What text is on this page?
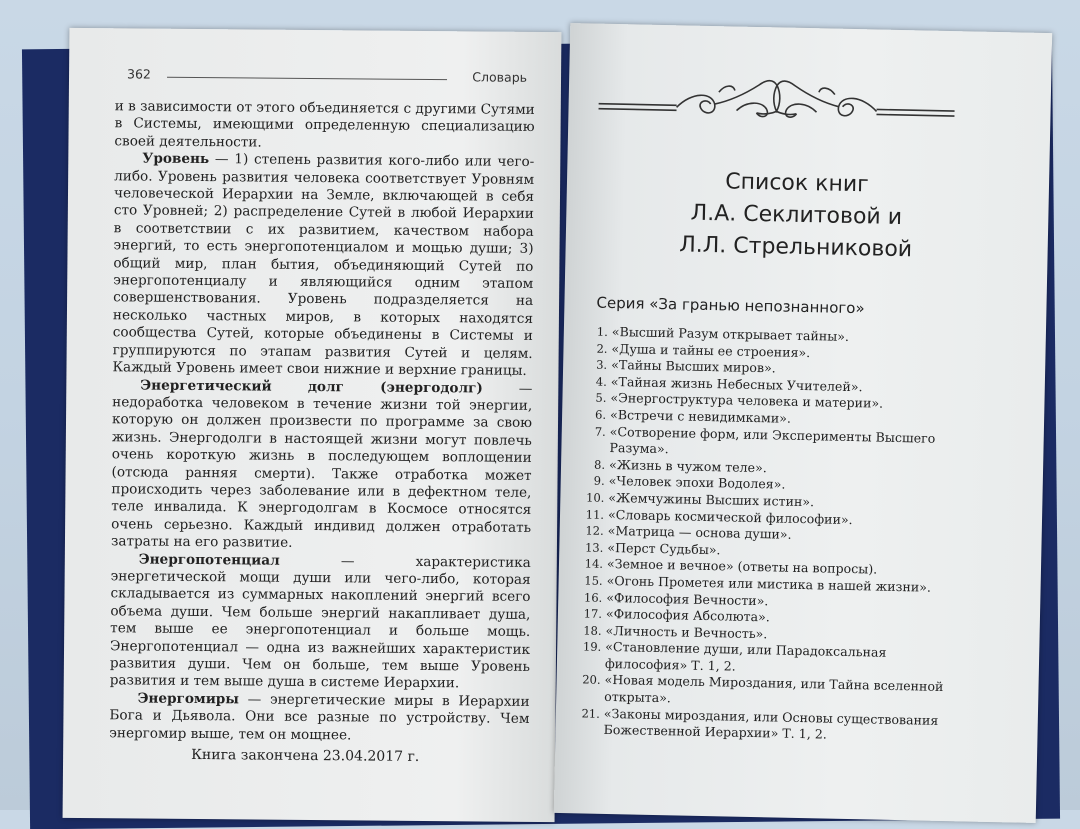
362	Словарь

и в зависимости от этого объединяется с другими Сутями в Системы, имеющими определенную специализацию своей деятельности.

Уровень — 1) степень развития кого-либо или чего-либо. Уровень развития человека соответствует Уровням человеческой Иерархии на Земле, включающей в себя сто Уровней; 2) распределение Сутей в любой Иерархии в соответствии с их развитием, качеством набора энергий, то есть энергопотенциалом и мощью души; 3) общий мир, план бытия, объединяющий Сутей по энергопотенциалу и являющийся одним этапом совершенствования. Уровень подразделяется на несколько частных миров, в которых находятся сообщества Сутей, которые объединены в Системы и группируются по этапам развития Сутей и целям. Каждый Уровень имеет свои нижние и верхние границы.

Энергетический долг (энергодолг) — недоработка человеком в течение жизни той энергии, которую он должен произвести по программе за свою жизнь. Энергодолги в настоящей жизни могут повлечь очень короткую жизнь в последующем воплощении (отсюда ранняя смерти). Также отработка может происходить через заболевание или в дефектном теле, теле инвалида. К энергодолгам в Космосе относятся очень серьезно. Каждый индивид должен отработать затраты на его развитие.

Энергопотенциал — характеристика энергетической мощи души или чего-либо, которая складывается из суммарных накоплений энергий всего объема души. Чем больше энергий накапливает душа, тем выше ее энергопотенциал и больше мощь. Энергопотенциал — одна из важнейших характеристик развития души. Чем он больше, тем выше Уровень развития и тем выше душа в системе Иерархии.

Энергомиры — энергетические миры в Иерархии Бога и Дьявола. Они все разные по устройству. Чем энергомир выше, тем он мощнее.

Книга закончена 23.04.2017 г.
Список книг
Л.А. Секлитовой и
Л.Л. Стрельниковой
Серия «За гранью непознанного»
1. «Высший Разум открывает тайны».
2. «Душа и тайны ее строения».
3. «Тайны Высших миров».
4. «Тайная жизнь Небесных Учителей».
5. «Энергоструктура человека и материи».
6. «Встречи с невидимками».
7. «Сотворение форм, или Эксперименты Высшего Разума».
8. «Жизнь в чужом теле».
9. «Человек эпохи Водолея».
10. «Жемчужины Высших истин».
11. «Словарь космической философии».
12. «Матрица — основа души».
13. «Перст Судьбы».
14. «Земное и вечное» (ответы на вопросы).
15. «Огонь Прометея или мистика в нашей жизни».
16. «Философия Вечности».
17. «Философия Абсолюта».
18. «Личность и Вечность».
19. «Становление души, или Парадоксальная философия» Т. 1, 2.
20. «Новая модель Мироздания, или Тайна вселенной открыта».
21. «Законы мироздания, или Основы существования Божественной Иерархии» Т. 1, 2.
